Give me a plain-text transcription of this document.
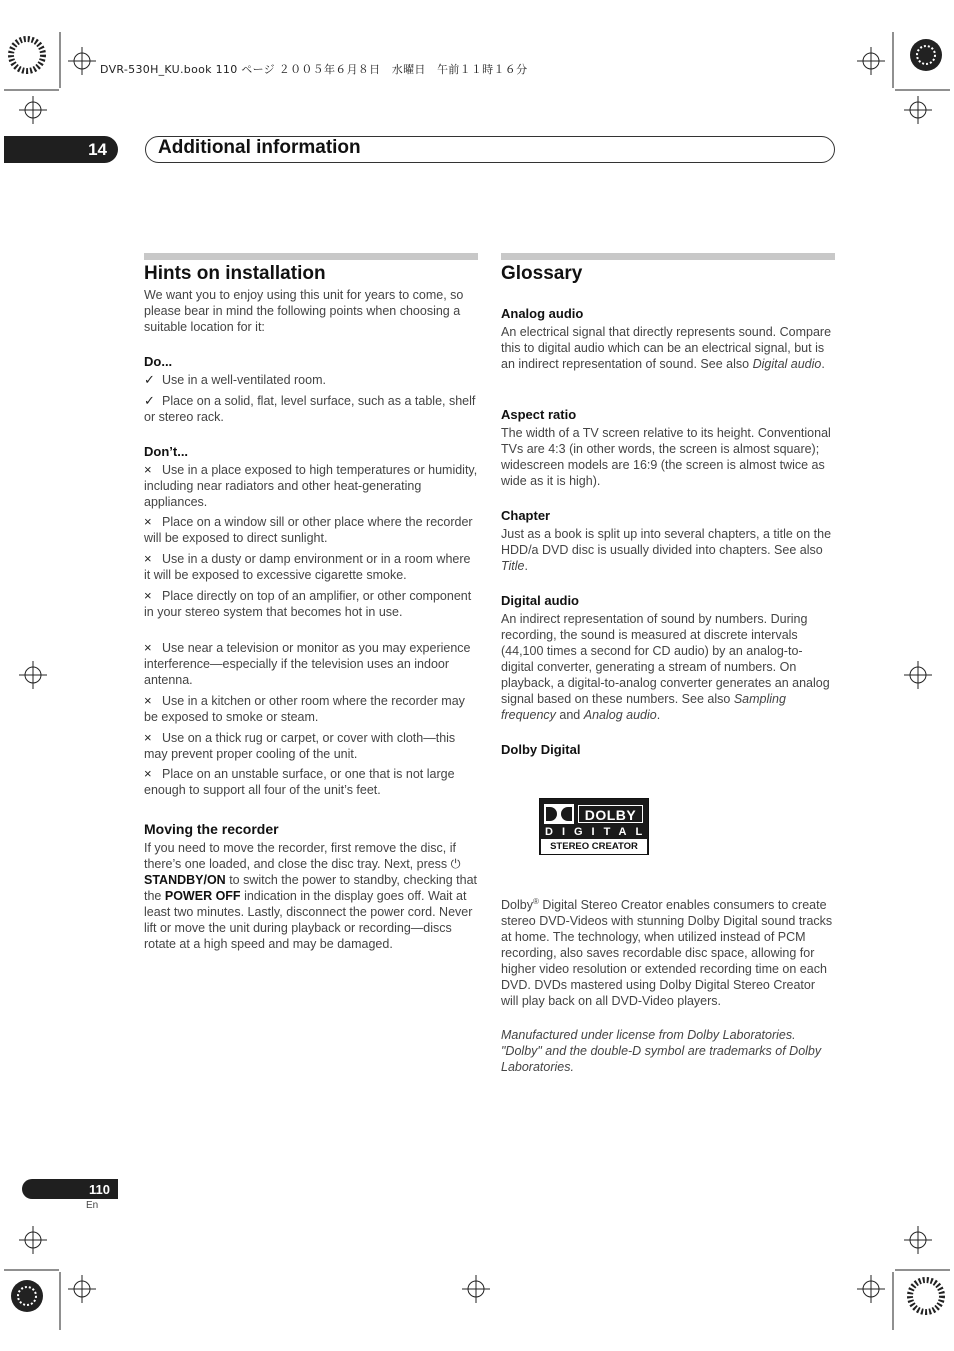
DVR-530H_KU.book 110 ページ ２００５年６月８日　水曜日　午前１１時１６分
14	Additional information
Hints on installation

We want you to enjoy using this unit for years to come, so please bear in mind the following points when choosing a suitable location for it:

Do...

✓ Use in a well-ventilated room.

✓ Place on a solid, flat, level surface, such as a table, shelf or stereo rack.

Don’t...

× Use in a place exposed to high temperatures or humidity, including near radiators and other heat-generating appliances.

× Place on a window sill or other place where the recorder will be exposed to direct sunlight.

× Use in a dusty or damp environment or in a room where it will be exposed to excessive cigarette smoke.

× Place directly on top of an amplifier, or other component in your stereo system that becomes hot in use.

× Use near a television or monitor as you may experience interference—especially if the television uses an indoor antenna.

× Use in a kitchen or other room where the recorder may be exposed to smoke or steam.

× Use on a thick rug or carpet, or cover with cloth—this may prevent proper cooling of the unit.

× Place on an unstable surface, or one that is not large enough to support all four of the unit’s feet.

Moving the recorder

If you need to move the recorder, first remove the disc, if there’s one loaded, and close the disc tray. Next, press ⏻ STANDBY/ON to switch the power to standby, checking that the POWER OFF indication in the display goes off. Wait at least two minutes. Lastly, disconnect the power cord. Never lift or move the unit during playback or recording—discs rotate at a high speed and may be damaged.

Glossary
Analog audio

An electrical signal that directly represents sound. Compare this to digital audio which can be an electrical signal, but is an indirect representation of sound. See also Digital audio.

Aspect ratio

The width of a TV screen relative to its height. Conventional TVs are 4:3 (in other words, the screen is almost square); widescreen models are 16:9 (the screen is almost twice as wide as it is high).

Chapter

Just as a book is split up into several chapters, a title on the HDD/a DVD disc is usually divided into chapters. See also Title.

Digital audio

An indirect representation of sound by numbers. During recording, the sound is measured at discrete intervals (44,100 times a second for CD audio) by an analog-to-digital converter, generating a stream of numbers. On playback, a digital-to-analog converter generates an analog signal based on these numbers. See also Sampling frequency and Analog audio.

Dolby Digital
DOLBY
DIGITAL
STEREO CREATOR

Dolby® Digital Stereo Creator enables consumers to create stereo DVD-Videos with stunning Dolby Digital sound tracks at home. The technology, when utilized instead of PCM recording, also saves recordable disc space, allowing for higher video resolution or extended recording time on each DVD. DVDs mastered using Dolby Digital Stereo Creator will play back on all DVD-Video players.

Manufactured under license from Dolby Laboratories. "Dolby" and the double-D symbol are trademarks of Dolby Laboratories.

110
En
